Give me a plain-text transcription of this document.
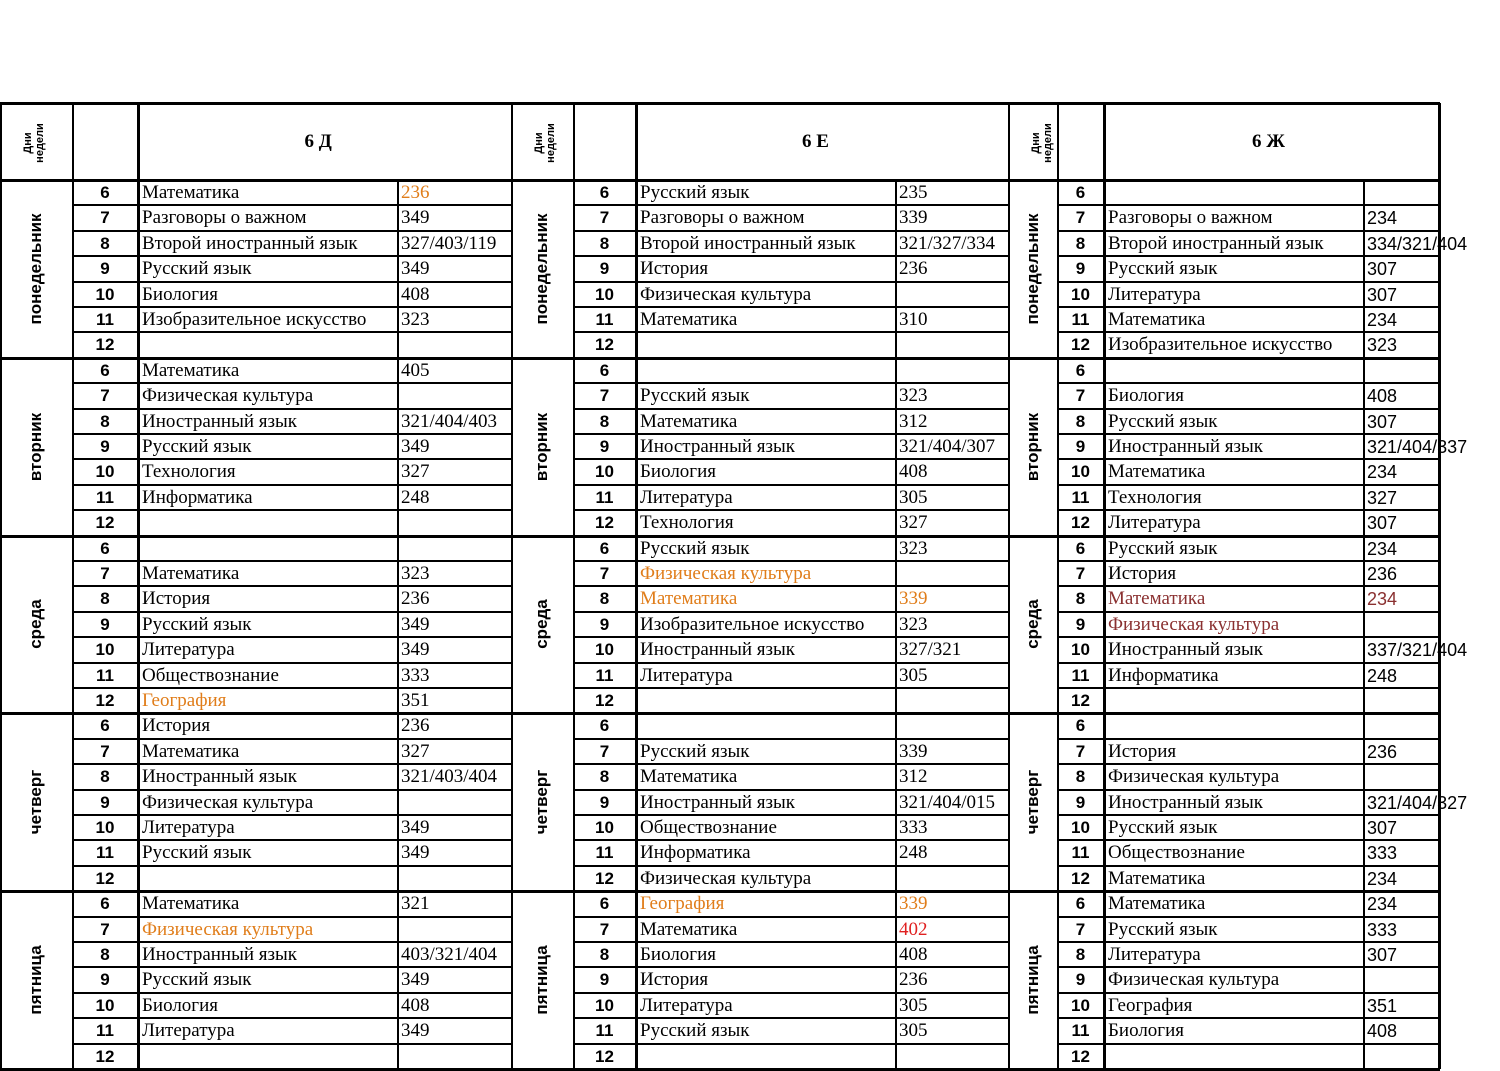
Дни недели	6 Д
понедельник
6	Математика	236
7	Разговоры о важном	349
8	Второй иностранный язык 327/403/119
9	Русский язык	349
10	Биология	408
11	Изобразительное искусство 323
12
вторник
6	Математика	405
7	Физическая культура
8	Иностранный язык	321/404/403
9	Русский язык	349
10	Технология	327
11	Информатика	248
12
среда
6
7	Математика	323
8	История	236
9	Русский язык	349
10	Литература	349
11	Обществознание	333
12	География	351
четверг
6	История	236
7	Математика	327
8	Иностранный язык	321/403/404
9	Физическая культура
10	Литература	349
11	Русский язык	349
12
пятница
6	Математика	321
7	Физическая культура
8	Иностранный язык	403/321/404
9	Русский язык	349
10	Биология	408
11	Литература	349
12
Дни недели	6 Е
понедельник
6	Русский язык	235
7	Разговоры о важном	339
8	Второй иностранный язык 321/327/334
9	История	236
10	Физическая культура
11	Математика	310
12
вторник
6
7	Русский язык	323
8	Математика	312
9	Иностранный язык	321/404/307
10	Биология	408
11	Литература	305
12	Технология	327
среда
6	Русский язык	323
7	Физическая культура
8	Математика	339
9	Изобразительное искусство 323
10	Иностранный язык	327/321
11	Литература	305
12
четверг
6
7	Русский язык	339
8	Математика	312
9	Иностранный язык	321/404/015
10	Обществознание	333
11	Информатика	248
12	Физическая культура
пятница
6	География	339
7	Математика	402
8	Биология	408
9	История	236
10	Литература	305
11	Русский язык	305
12
Дни недели	6 Ж
понедельник
6
7	Разговоры о важном	234
8	Второй иностранный язык 334/321/404
9	Русский язык	307
10 Литература	307
11 Математика	234
12 Изобразительное искусство 323
вторник
6
7	Биология	408
8	Русский язык	307
9	Иностранный язык	321/404/337
10 Математика	234
11 Технология	327
12 Литература	307
среда
6	Русский язык	234
7	История	236
8	Математика	234
9	Физическая культура
10 Иностранный язык	337/321/404
11 Информатика	248
12
четверг
6
7	История	236
8	Физическая культура
9	Иностранный язык	321/404/327
10 Русский язык	307
11 Обществознание	333
12 Математика	234
пятница
6	Математика	234
7	Русский язык	333
8	Литература	307
9	Физическая культура
10 География	351
11 Биология	408
12
